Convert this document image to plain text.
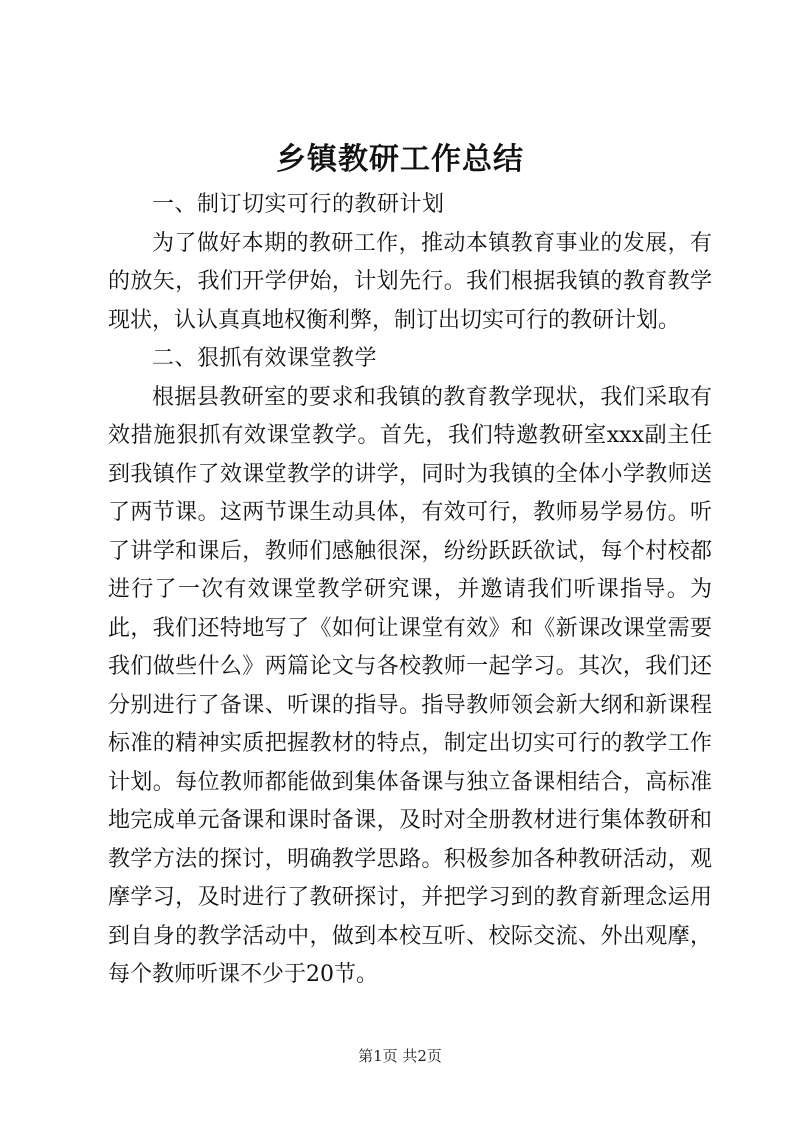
乡镇教研工作总结

一、制订切实可行的教研计划

为了做好本期的教研工作，推动本镇教育事业的发展，有的放矢，我们开学伊始，计划先行。我们根据我镇的教育教学现状，认认真真地权衡利弊，制订出切实可行的教研计划。

二、狠抓有效课堂教学

根据县教研室的要求和我镇的教育教学现状，我们采取有效措施狠抓有效课堂教学。首先，我们特邀教研室xxx副主任到我镇作了效课堂教学的讲学，同时为我镇的全体小学教师送了两节课。这两节课生动具体，有效可行，教师易学易仿。听了讲学和课后，教师们感触很深，纷纷跃跃欲试，每个村校都进行了一次有效课堂教学研究课，并邀请我们听课指导。为此，我们还特地写了《如何让课堂有效》和《新课改课堂需要我们做些什么》两篇论文与各校教师一起学习。其次，我们还分别进行了备课、听课的指导。指导教师领会新大纲和新课程标准的精神实质把握教材的特点，制定出切实可行的教学工作计划。每位教师都能做到集体备课与独立备课相结合，高标准地完成单元备课和课时备课，及时对全册教材进行集体教研和教学方法的探讨，明确教学思路。积极参加各种教研活动，观摩学习，及时进行了教研探讨，并把学习到的教育新理念运用到自身的教学活动中，做到本校互听、校际交流、外出观摩，每个教师听课不少于20节。

第1页 共2页
